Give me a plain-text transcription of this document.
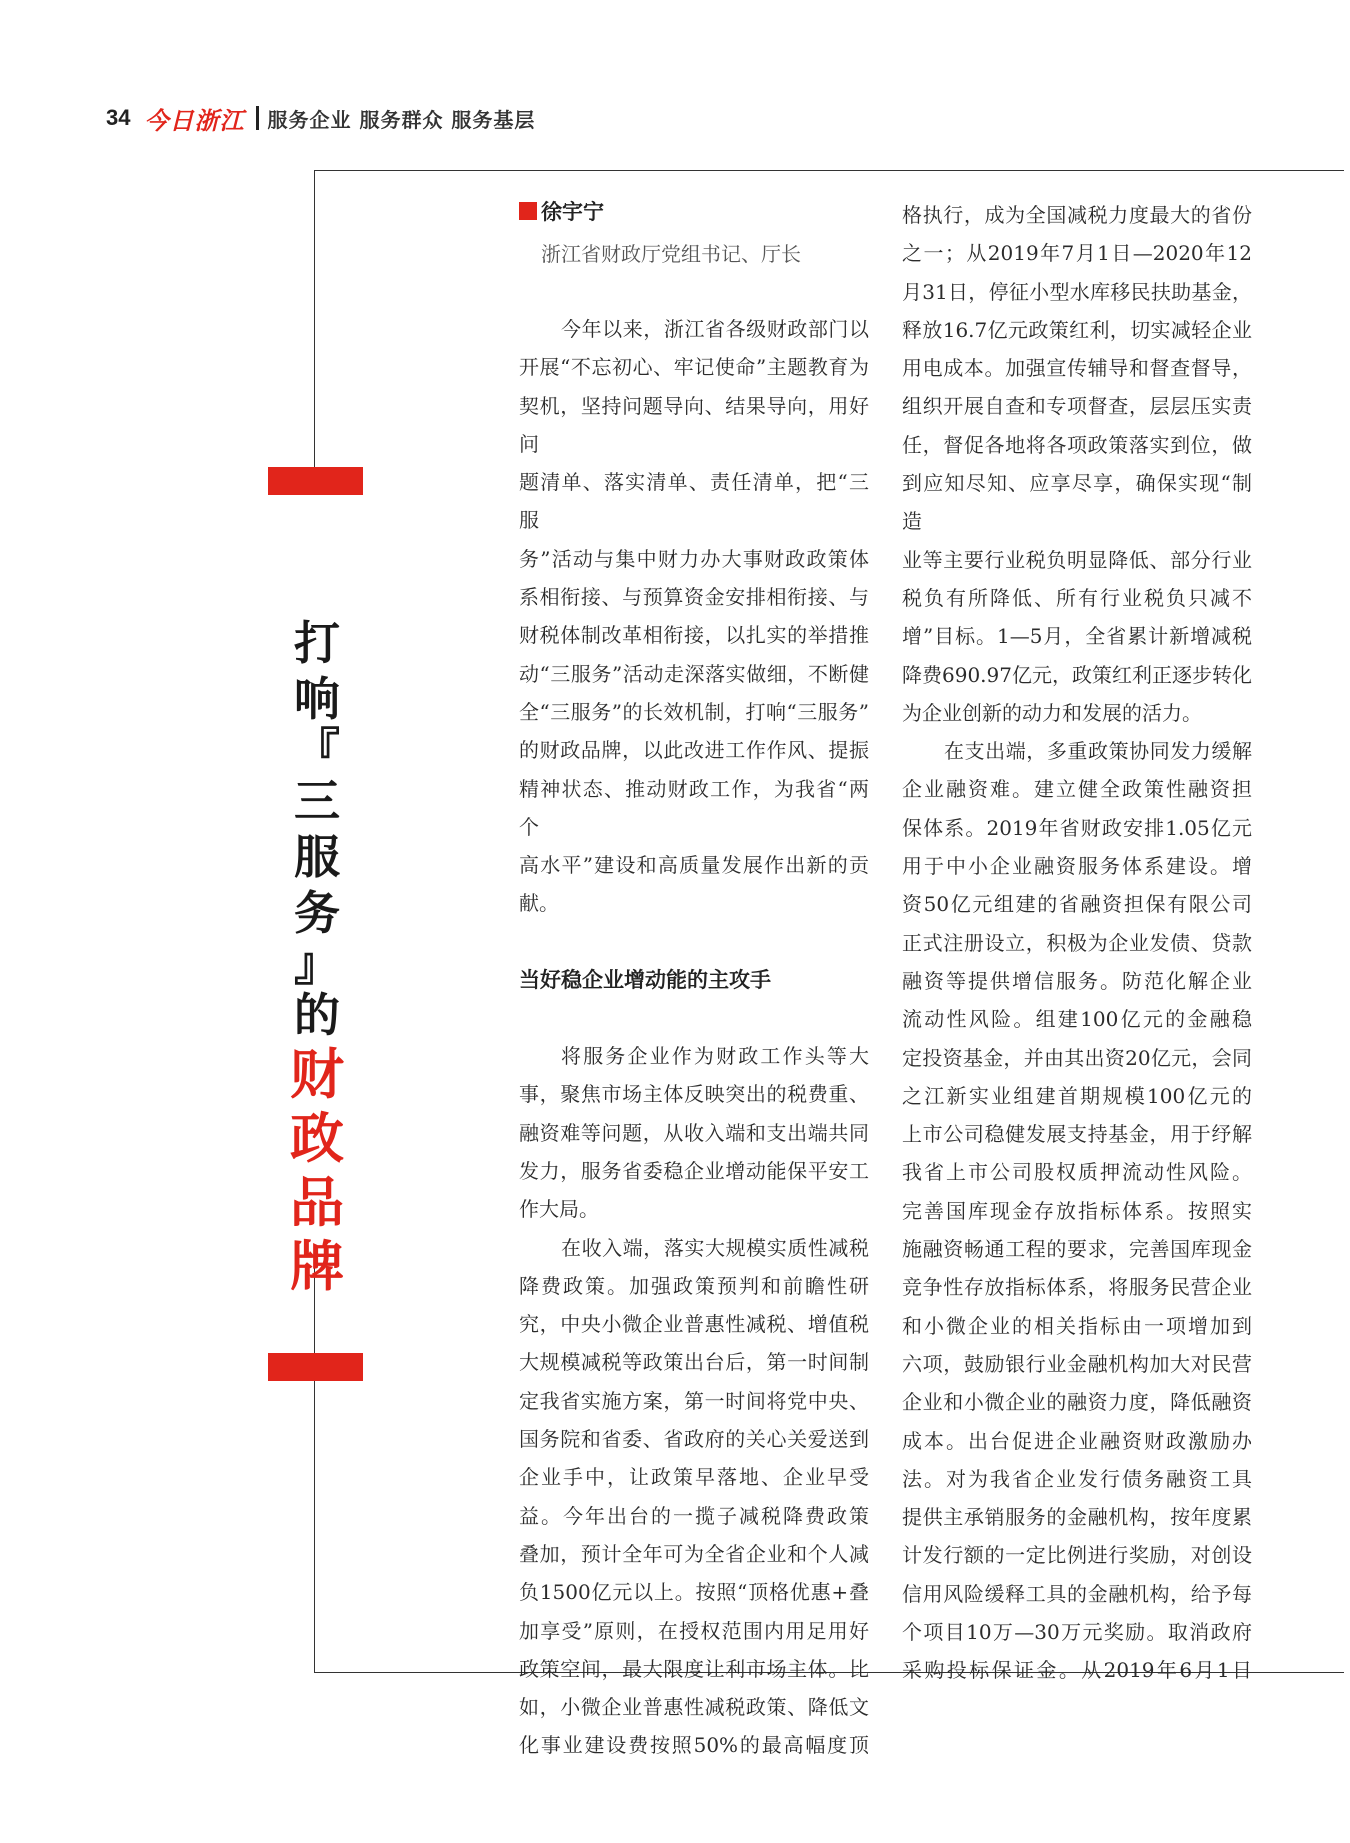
34 今日浙江 服务企业 服务群众 服务基层
打
响
『
三
服
务
』
的
财
政
品
牌
徐宇宁
浙江省财政厅党组书记、厅长

今年以来，浙江省各级财政部门以

开展“不忘初心、牢记使命”主题教育为

契机，坚持问题导向、结果导向，用好问

题清单、落实清单、责任清单，把“三服

务”活动与集中财力办大事财政政策体

系相衔接、与预算资金安排相衔接、与

财税体制改革相衔接，以扎实的举措推

动“三服务”活动走深落实做细，不断健

全“三服务”的长效机制，打响“三服务”

的财政品牌，以此改进工作作风、提振

精神状态、推动财政工作，为我省“两个

高水平”建设和高质量发展作出新的贡

献。

当好稳企业增动能的主攻手

将服务企业作为财政工作头等大

事，聚焦市场主体反映突出的税费重、

融资难等问题，从收入端和支出端共同

发力，服务省委稳企业增动能保平安工

作大局。

在收入端，落实大规模实质性减税

降费政策。加强政策预判和前瞻性研

究，中央小微企业普惠性减税、增值税

大规模减税等政策出台后，第一时间制

定我省实施方案，第一时间将党中央、

国务院和省委、省政府的关心关爱送到

企业手中，让政策早落地、企业早受

益。今年出台的一揽子减税降费政策

叠加，预计全年可为全省企业和个人减

负1500亿元以上。按照“顶格优惠+叠

加享受”原则，在授权范围内用足用好

政策空间，最大限度让利市场主体。比

如，小微企业普惠性减税政策、降低文

化事业建设费按照50%的最高幅度顶

格执行，成为全国减税力度最大的省份

之一；从2019年7月1日—2020年12

月31日，停征小型水库移民扶助基金，

释放16.7亿元政策红利，切实减轻企业

用电成本。加强宣传辅导和督查督导，

组织开展自查和专项督查，层层压实责

任，督促各地将各项政策落实到位，做

到应知尽知、应享尽享，确保实现“制造

业等主要行业税负明显降低、部分行业

税负有所降低、所有行业税负只减不

增”目标。1—5月，全省累计新增减税

降费690.97亿元，政策红利正逐步转化

为企业创新的动力和发展的活力。

在支出端，多重政策协同发力缓解

企业融资难。建立健全政策性融资担

保体系。2019年省财政安排1.05亿元

用于中小企业融资服务体系建设。增

资50亿元组建的省融资担保有限公司

正式注册设立，积极为企业发债、贷款

融资等提供增信服务。防范化解企业

流动性风险。组建100亿元的金融稳

定投资基金，并由其出资20亿元，会同

之江新实业组建首期规模100亿元的

上市公司稳健发展支持基金，用于纾解

我省上市公司股权质押流动性风险。

完善国库现金存放指标体系。按照实

施融资畅通工程的要求，完善国库现金

竞争性存放指标体系，将服务民营企业

和小微企业的相关指标由一项增加到

六项，鼓励银行业金融机构加大对民营

企业和小微企业的融资力度，降低融资

成本。出台促进企业融资财政激励办

法。对为我省企业发行债务融资工具

提供主承销服务的金融机构，按年度累

计发行额的一定比例进行奖励，对创设

信用风险缓释工具的金融机构，给予每

个项目10万—30万元奖励。取消政府

采购投标保证金。从2019年6月1日
